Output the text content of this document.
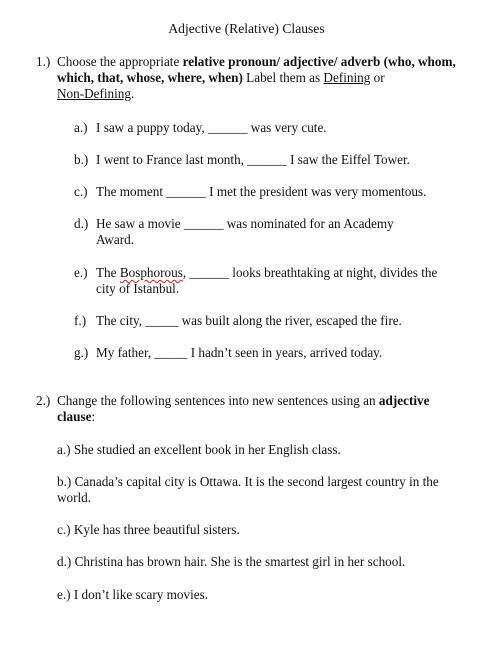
Adjective (Relative) Clauses
1.) Choose the appropriate relative pronoun/ adjective/ adverb (who, whom, which, that, whose, where, when) Label them as Defining or
Non-Defining.
a.) I saw a puppy today, ______ was very cute.
b.) I went to France last month, ______ I saw the Eiffel Tower.
c.) The moment ______ I met the president was very momentous.
d.) He saw a movie ______ was nominated for an Academy Award.
e.) The Bosphorous, ______ looks breathtaking at night, divides the city of Istanbul.
f.) The city, _____ was built along the river, escaped the fire.
g.) My father, _____ I hadn’t seen in years, arrived today.
2.) Change the following sentences into new sentences using an adjective
clause:
a.) She studied an excellent book in her English class.
b.) Canada’s capital city is Ottawa. It is the second largest country in the world.
c.) Kyle has three beautiful sisters.
d.) Christina has brown hair. She is the smartest girl in her school.
e.) I don’t like scary movies.
